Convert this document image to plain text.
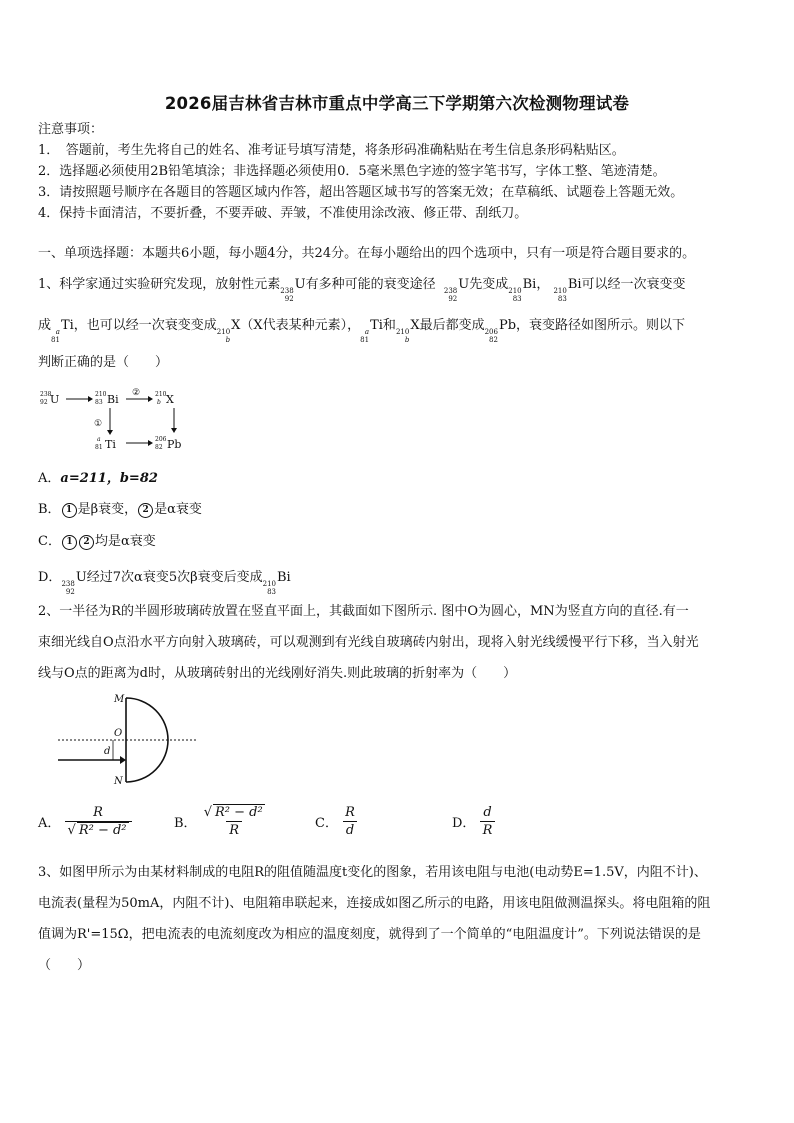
2026届吉林省吉林市重点中学高三下学期第六次检测物理试卷
注意事项：
1．　答题前，考生先将自己的姓名、准考证号填写清楚，将条形码准确粘贴在考生信息条形码粘贴区。
2．选择题必须使用2B铅笔填涂；非选择题必须使用0．5毫米黑色字迹的签字笔书写，字体工整、笔迹清楚。
3．请按照题号顺序在各题目的答题区域内作答，超出答题区域书写的答案无效；在草稿纸、试题卷上答题无效。
4．保持卡面清洁，不要折叠，不要弄破、弄皱，不准使用涂改液、修正带、刮纸刀。
一、单项选择题：本题共6小题，每小题4分，共24分。在每小题给出的四个选项中，只有一项是符合题目要求的。
1、科学家通过实验研究发现，放射性元素 238
92
U有多种可能的衰变途径 238
92
U先变成 210
83
Bi， 210
83
Bi可以经一次衰变变
成 a
81
Ti，也可以经一次衰变变成 210
b
X（X代表某种元素）， a
81
Ti和 210
b
X最后都变成 206
82
Pb，衰变路径如图所示。则以下
判断正确的是（　　）
238
92 U	210
83 Bi ② 210
b X
①
a
81 Ti	206
82 Pb
A．a=211，b=82
B． 1 是β衰变， 2 是α衰变
C． 1 2 均是α衰变
D． 238
92
U经过7次α衰变5次β衰变后变成 210
83
Bi
2、一半径为R的半圆形玻璃砖放置在竖直平面上，其截面如下图所示. 图中O为圆心，MN为竖直方向的直径.有一
束细光线自O点沿水平方向射入玻璃砖，可以观测到有光线自玻璃砖内射出，现将入射光线缓慢平行下移，当入射光
线与O点的距离为d时，从玻璃砖射出的光线刚好消失.则此玻璃的折射率为（　　）
M
O
d
N
A． $\frac{R}{\text{√ R² − d²}}$	B． $\frac{\text{√ R² − d²}}{R}$	C． $\frac{R}{d}$	D． $\frac{d}{R}$
3、如图甲所示为由某材料制成的电阻R的阻值随温度t变化的图象，若用该电阻与电池(电动势E=1.5V，内阻不计)、
电流表(量程为50mA，内阻不计)、电阻箱串联起来，连接成如图乙所示的电路，用该电阻做测温探头。将电阻箱的阻
值调为R'=15Ω，把电流表的电流刻度改为相应的温度刻度，就得到了一个简单的“电阻温度计”。下列说法错误的是
（　　）
